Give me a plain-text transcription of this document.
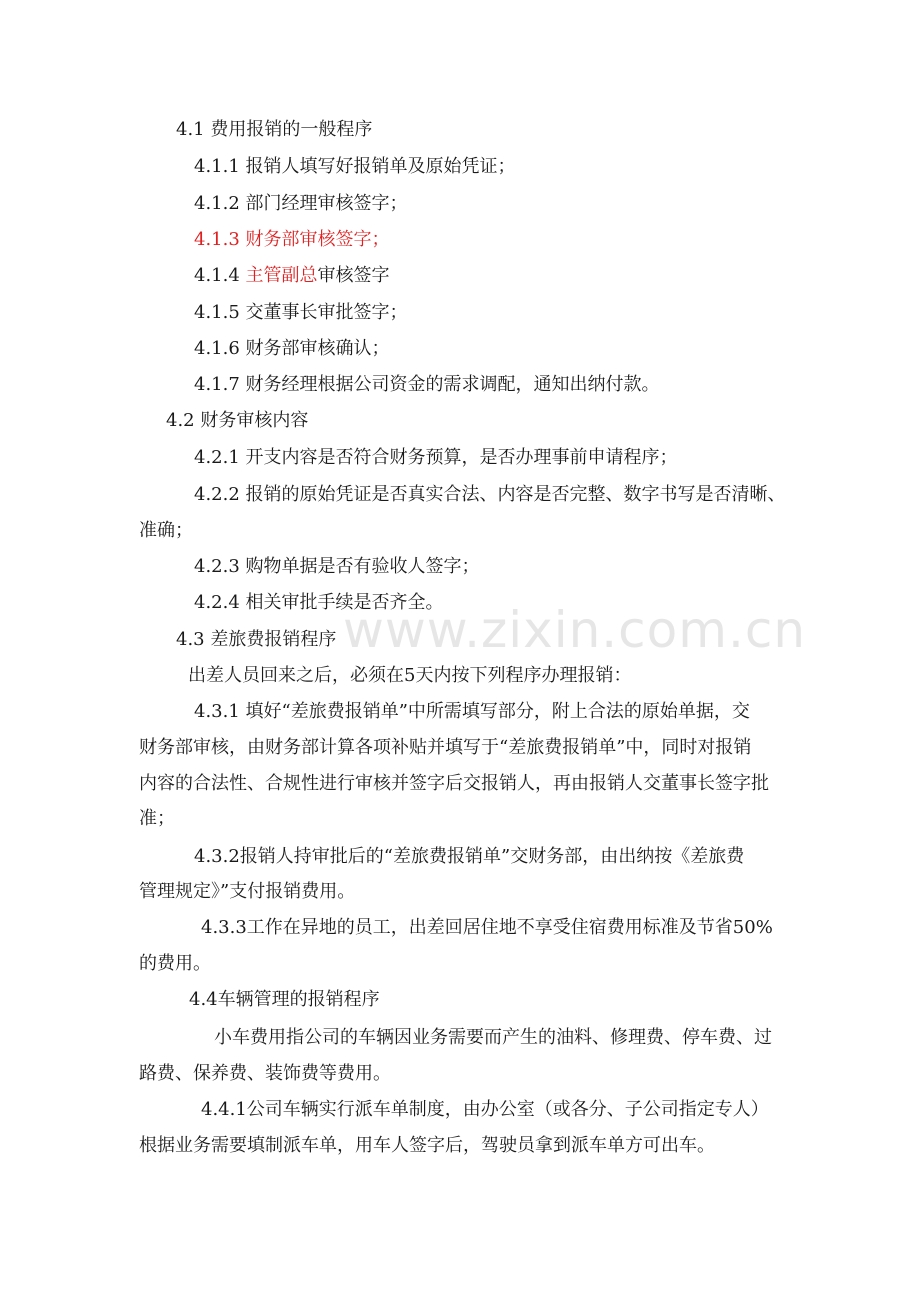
www.zixin.com.cn
4.1 费用报销的一般程序
4.1.1 报销人填写好报销单及原始凭证；
4.1.2 部门经理审核签字；
4.1.3 财务部审核签字；
4.1.4 主管副总审核签字
4.1.5 交董事长审批签字；
4.1.6 财务部审核确认；
4.1.7 财务经理根据公司资金的需求调配，通知出纳付款。
4.2 财务审核内容
4.2.1 开支内容是否符合财务预算，是否办理事前申请程序；
4.2.2 报销的原始凭证是否真实合法、内容是否完整、数字书写是否清晰、
准确；
4.2.3 购物单据是否有验收人签字；
4.2.4 相关审批手续是否齐全。
4.3 差旅费报销程序
出差人员回来之后，必须在5天内按下列程序办理报销：
4.3.1 填好“差旅费报销单”中所需填写部分，附上合法的原始单据，交
财务部审核，由财务部计算各项补贴并填写于“差旅费报销单”中，同时对报销
内容的合法性、合规性进行审核并签字后交报销人，再由报销人交董事长签字批
准；
4.3.2报销人持审批后的“差旅费报销单”交财务部，由出纳按《差旅费
管理规定》”支付报销费用。
4.3.3工作在异地的员工，出差回居住地不享受住宿费用标准及节省50%
的费用。
4.4车辆管理的报销程序
小车费用指公司的车辆因业务需要而产生的油料、修理费、停车费、过
路费、保养费、装饰费等费用。
4.4.1公司车辆实行派车单制度，由办公室（或各分、子公司指定专人）
根据业务需要填制派车单，用车人签字后，驾驶员拿到派车单方可出车。
